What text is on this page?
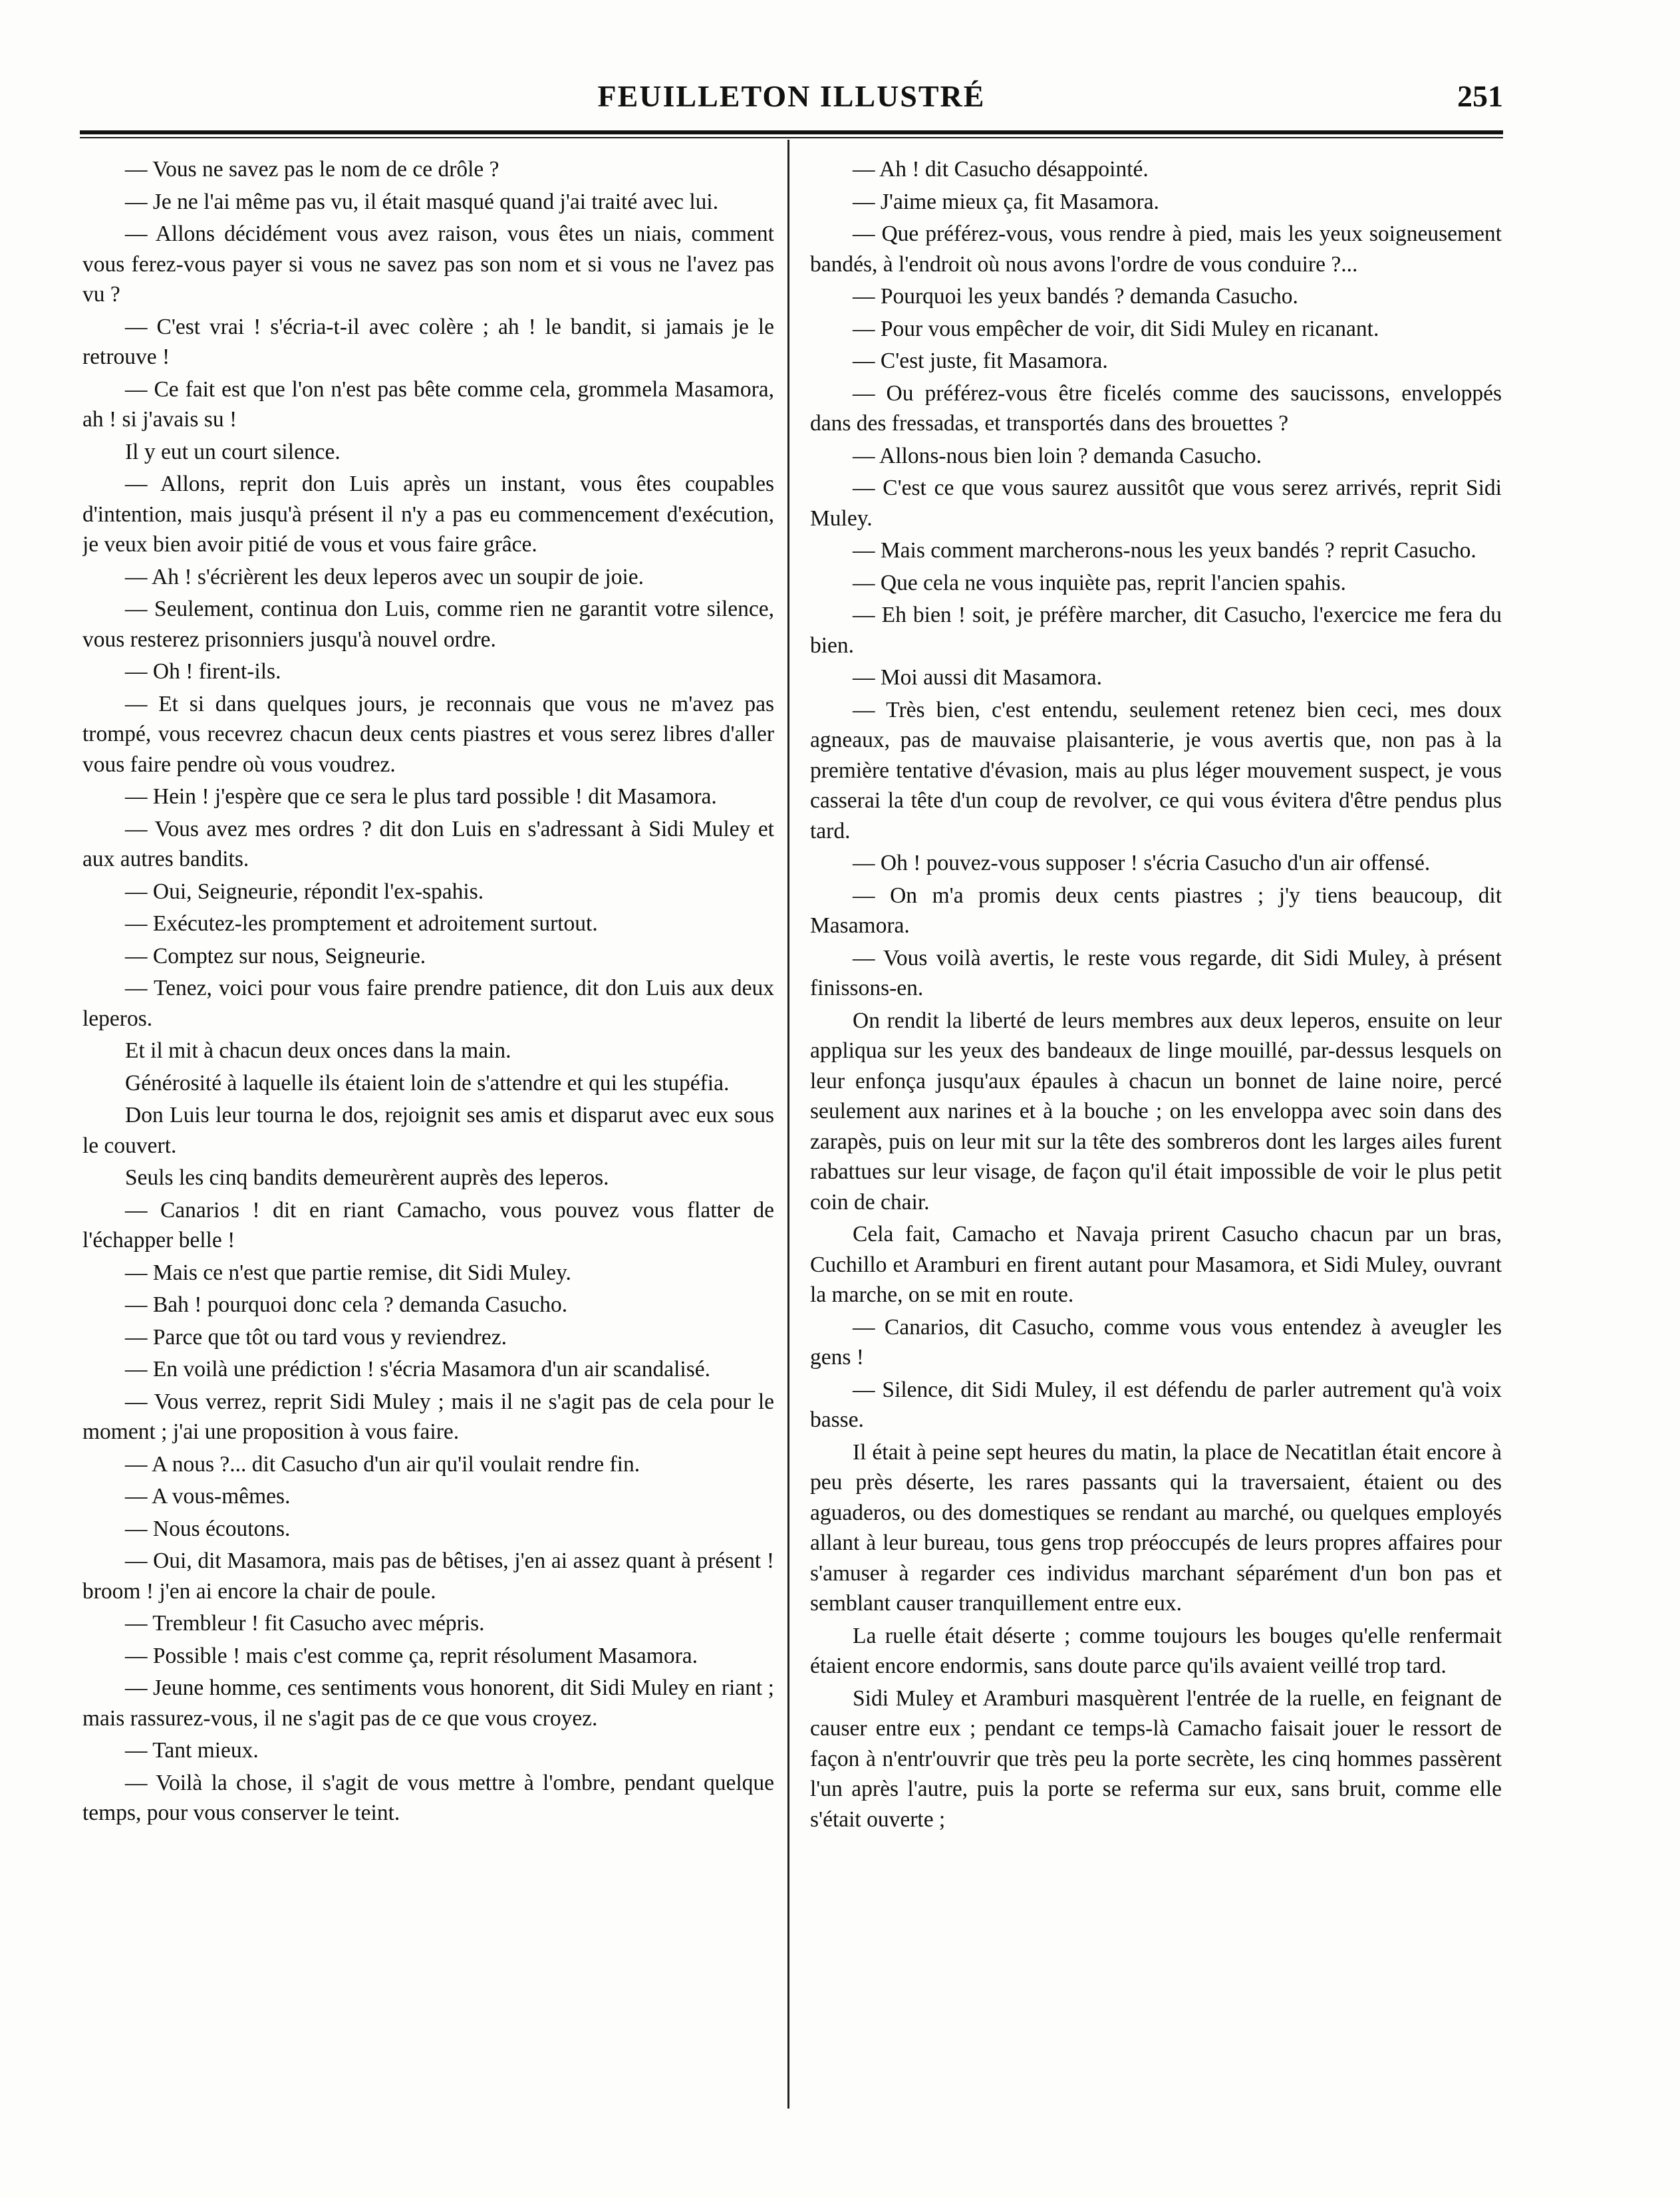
FEUILLETON ILLUSTRÉ	251

— Vous ne savez pas le nom de ce drôle ?

— Je ne l'ai même pas vu, il était masqué quand j'ai traité avec lui.

— Allons décidément vous avez raison, vous êtes un niais, comment vous ferez-vous payer si vous ne savez pas son nom et si vous ne l'avez pas vu ?

— C'est vrai ! s'écria-t-il avec colère ; ah ! le bandit, si jamais je le retrouve !

— Ce fait est que l'on n'est pas bête comme cela, grommela Masamora, ah ! si j'avais su !

Il y eut un court silence.

— Allons, reprit don Luis après un instant, vous êtes coupables d'intention, mais jusqu'à présent il n'y a pas eu commencement d'exécution, je veux bien avoir pitié de vous et vous faire grâce.

— Ah ! s'écrièrent les deux leperos avec un soupir de joie.

— Seulement, continua don Luis, comme rien ne garantit votre silence, vous resterez prisonniers jusqu'à nouvel ordre.

— Oh ! firent-ils.

— Et si dans quelques jours, je reconnais que vous ne m'avez pas trompé, vous recevrez chacun deux cents piastres et vous serez libres d'aller vous faire pendre où vous voudrez.

— Hein ! j'espère que ce sera le plus tard possible ! dit Masamora.

— Vous avez mes ordres ? dit don Luis en s'adressant à Sidi Muley et aux autres bandits.

— Oui, Seigneurie, répondit l'ex-spahis.

— Exécutez-les promptement et adroitement surtout.

— Comptez sur nous, Seigneurie.

— Tenez, voici pour vous faire prendre patience, dit don Luis aux deux leperos.

Et il mit à chacun deux onces dans la main.

Générosité à laquelle ils étaient loin de s'attendre et qui les stupéfia.

Don Luis leur tourna le dos, rejoignit ses amis et disparut avec eux sous le couvert.

Seuls les cinq bandits demeurèrent auprès des leperos.

— Canarios ! dit en riant Camacho, vous pouvez vous flatter de l'échapper belle !

— Mais ce n'est que partie remise, dit Sidi Muley.

— Bah ! pourquoi donc cela ? demanda Casucho.

— Parce que tôt ou tard vous y reviendrez.

— En voilà une prédiction ! s'écria Masamora d'un air scandalisé.

— Vous verrez, reprit Sidi Muley ; mais il ne s'agit pas de cela pour le moment ; j'ai une proposition à vous faire.

— A nous ?... dit Casucho d'un air qu'il voulait rendre fin.

— A vous-mêmes.

— Nous écoutons.

— Oui, dit Masamora, mais pas de bêtises, j'en ai assez quant à présent ! broom ! j'en ai encore la chair de poule.

— Trembleur ! fit Casucho avec mépris.

— Possible ! mais c'est comme ça, reprit résolument Masamora.

— Jeune homme, ces sentiments vous honorent, dit Sidi Muley en riant ; mais rassurez-vous, il ne s'agit pas de ce que vous croyez.

— Tant mieux.

— Voilà la chose, il s'agit de vous mettre à l'ombre, pendant quelque temps, pour vous conserver le teint.

— Ah ! dit Casucho désappointé.

— J'aime mieux ça, fit Masamora.

— Que préférez-vous, vous rendre à pied, mais les yeux soigneusement bandés, à l'endroit où nous avons l'ordre de vous conduire ?...

— Pourquoi les yeux bandés ? demanda Casucho.

— Pour vous empêcher de voir, dit Sidi Muley en ricanant.

— C'est juste, fit Masamora.

— Ou préférez-vous être ficelés comme des saucissons, enveloppés dans des fressadas, et transportés dans des brouettes ?

— Allons-nous bien loin ? demanda Casucho.

— C'est ce que vous saurez aussitôt que vous serez arrivés, reprit Sidi Muley.

— Mais comment marcherons-nous les yeux bandés ? reprit Casucho.

— Que cela ne vous inquiète pas, reprit l'ancien spahis.

— Eh bien ! soit, je préfère marcher, dit Casucho, l'exercice me fera du bien.

— Moi aussi dit Masamora.

— Très bien, c'est entendu, seulement retenez bien ceci, mes doux agneaux, pas de mauvaise plaisanterie, je vous avertis que, non pas à la première tentative d'évasion, mais au plus léger mouvement suspect, je vous casserai la tête d'un coup de revolver, ce qui vous évitera d'être pendus plus tard.

— Oh ! pouvez-vous supposer ! s'écria Casucho d'un air offensé.

— On m'a promis deux cents piastres ; j'y tiens beaucoup, dit Masamora.

— Vous voilà avertis, le reste vous regarde, dit Sidi Muley, à présent finissons-en.

On rendit la liberté de leurs membres aux deux leperos, ensuite on leur appliqua sur les yeux des bandeaux de linge mouillé, par-dessus lesquels on leur enfonça jusqu'aux épaules à chacun un bonnet de laine noire, percé seulement aux narines et à la bouche ; on les enveloppa avec soin dans des zarapès, puis on leur mit sur la tête des sombreros dont les larges ailes furent rabattues sur leur visage, de façon qu'il était impossible de voir le plus petit coin de chair.

Cela fait, Camacho et Navaja prirent Casucho chacun par un bras, Cuchillo et Aramburi en firent autant pour Masamora, et Sidi Muley, ouvrant la marche, on se mit en route.

— Canarios, dit Casucho, comme vous vous entendez à aveugler les gens !

— Silence, dit Sidi Muley, il est défendu de parler autrement qu'à voix basse.

Il était à peine sept heures du matin, la place de Necatitlan était encore à peu près déserte, les rares passants qui la traversaient, étaient ou des aguaderos, ou des domestiques se rendant au marché, ou quelques employés allant à leur bureau, tous gens trop préoccupés de leurs propres affaires pour s'amuser à regarder ces individus marchant séparément d'un bon pas et semblant causer tranquillement entre eux.

La ruelle était déserte ; comme toujours les bouges qu'elle renfermait étaient encore endormis, sans doute parce qu'ils avaient veillé trop tard.

Sidi Muley et Aramburi masquèrent l'entrée de la ruelle, en feignant de causer entre eux ; pendant ce temps-là Camacho faisait jouer le ressort de façon à n'entr'ouvrir que très peu la porte secrète, les cinq hommes passèrent l'un après l'autre, puis la porte se referma sur eux, sans bruit, comme elle s'était ouverte ;
